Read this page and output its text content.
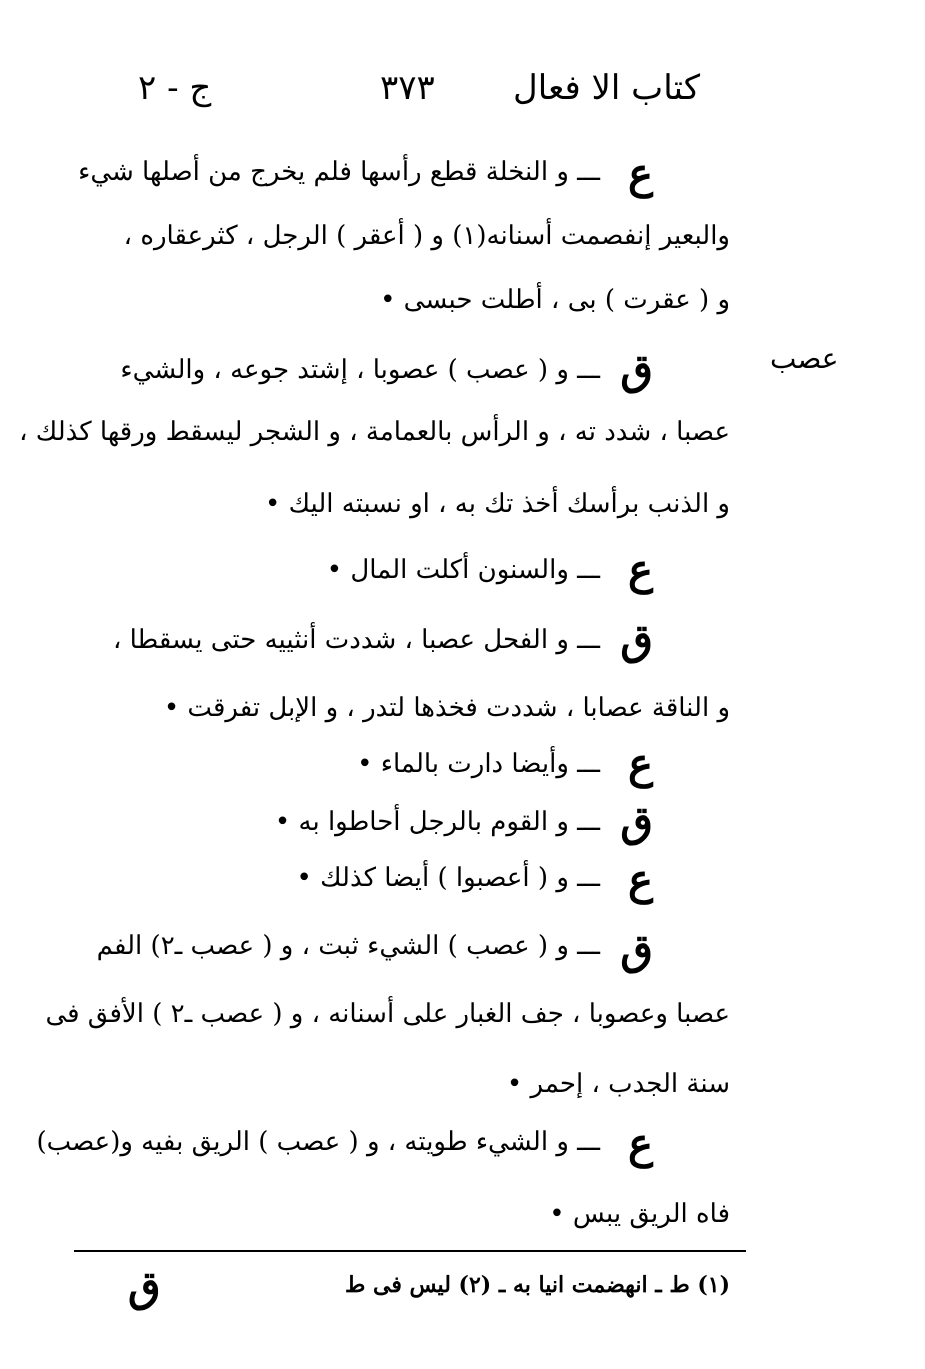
كتاب الا فعال
٣٧٣
ج - ٢
عصب
ع
ـــ و النخلة قطع رأسها فلم يخرج من أصلها شيء
والبعير إنفصمت أسنانه(١) و ( أعقر ) الرجل ، كثرعقاره ،
و ( عقرت ) بى ، أطلت حبسى •
ق
ـــ و ( عصب ) عصوبا ، إشتد جوعه ، والشيء
عصبا ، شدد ته ، و الرأس بالعمامة ، و الشجر ليسقط ورقها كذلك ،
و الذنب برأسك أخذ تك به ، او نسبته اليك •
ع
ـــ والسنون أكلت المال •
ق
ـــ و الفحل عصبا ، شددت أنثييه حتى يسقطا ،
و الناقة عصابا ، شددت فخذها لتدر ، و الإبل تفرقت •
ع
ـــ وأيضا دارت بالماء •
ق
ـــ و القوم بالرجل أحاطوا به •
ع
ـــ و ( أعصبوا ) أيضا كذلك •
ق
ـــ و ( عصب ) الشيء ثبت ، و ( عصب ـ٢) الفم
عصبا وعصوبا ، جف الغبار على أسنانه ، و ( عصب ـ٢ ) الأفق فى
سنة الجدب ، إحمر •
ع
ـــ و الشيء طويته ، و ( عصب ) الريق بفيه و(عصب)
فاه الريق يبس •
(١) ط ـ انهضمت انيا به ـ (٢) ليس فى ط
ق
